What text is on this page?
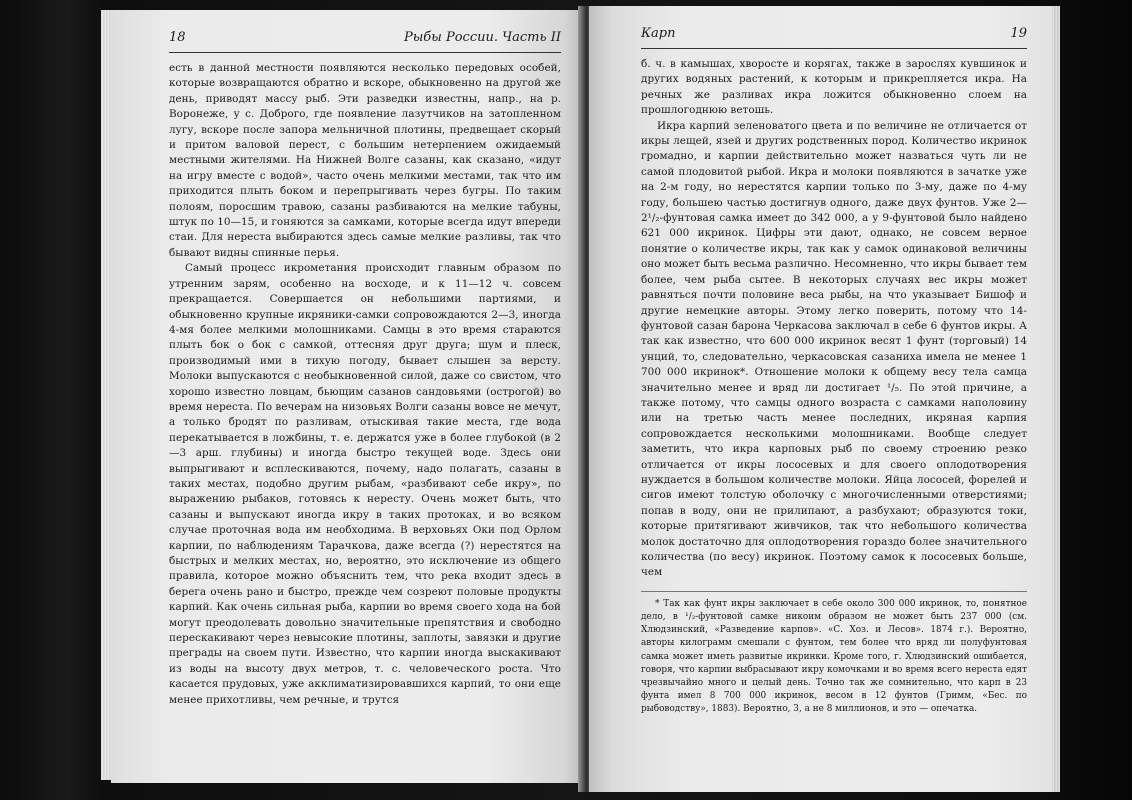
18	Рыбы России. Часть II

есть в данной местности появляются несколько передовых особей, которые возвращаются обратно и вскоре, обыкновенно на другой же день, приводят массу рыб. Эти разведки известны, напр., на р. Воронеже, у с. Доброго, где появление лазутчиков на затопленном лугу, вскоре после запора мельничной плотины, предвещает скорый и притом валовой перест, с большим нетерпением ожидаемый местными жителями. На Нижней Волге сазаны, как сказано, «идут на игру вместе с водой», часто очень мелкими местами, так что им приходится плыть боком и перепрыгивать через бугры. По таким полоям, поросшим травою, сазаны разбиваются на мелкие табуны, штук по 10—15, и гоняются за самками, которые всегда идут впереди стаи. Для нереста выбираются здесь самые мелкие разливы, так что бывают видны спинные перья.

Самый процесс икрометания происходит главным образом по утренним зарям, особенно на восходе, и к 11—12 ч. совсем прекращается. Совершается он небольшими партиями, и обыкновенно крупные икряники-самки сопровождаются 2—3, иногда 4-мя более мелкими молошниками. Самцы в это время стараются плыть бок о бок с самкой, оттесняя друг друга; шум и плеск, производимый ими в тихую погоду, бывает слышен за версту. Молоки выпускаются с необыкновенной силой, даже со свистом, что хорошо известно ловцам, бьющим сазанов сандовьями (острогой) во время нереста. По вечерам на низовьях Волги сазаны вовсе не мечут, а только бродят по разливам, отыскивая такие места, где вода перекатывается в ложбины, т. е. держатся уже в более глубокой (в 2—3 арш. глубины) и иногда быстро текущей воде. Здесь они выпрыгивают и всплескиваются, почему, надо полагать, сазаны в таких местах, подобно другим рыбам, «разбивают себе икру», по выражению рыбаков, готовясь к нересту. Очень может быть, что сазаны и выпускают иногда икру в таких протоках, и во всяком случае проточная вода им необходима. В верховьях Оки под Орлом карпии, по наблюдениям Тарачкова, даже всегда (?) нерестятся на быстрых и мелких местах, но, вероятно, это исключение из общего правила, которое можно объяснить тем, что река входит здесь в берега очень рано и быстро, прежде чем созреют половые продукты карпий. Как очень сильная рыба, карпии во время своего хода на бой могут преодолевать довольно значительные препятствия и свободно перескакивают через невысокие плотины, заплоты, завязки и другие преграды на своем пути. Известно, что карпии иногда выскакивают из воды на высоту двух метров, т. с. человеческого роста. Что касается прудовых, уже акклиматизировавшихся карпий, то они еще менее прихотливы, чем речные, и трутся

Карп	19

б. ч. в камышах, хворосте и корягах, также в зарослях кувшинок и других водяных растений, к которым и прикрепляется икра. На речных же разливах икра ложится обыкновенно слоем на прошлогоднюю ветошь.

Икра карпий зеленоватого цвета и по величине не отличается от икры лещей, язей и других родственных пород. Количество икринок громадно, и карпии действительно может назваться чуть ли не самой плодовитой рыбой. Икра и молоки появляются в зачатке уже на 2-м году, но нерестятся карпии только по 3-му, даже по 4-му году, большею частью достигнув одного, даже двух фунтов. Уже 2—2¹/₂-фунтовая самка имеет до 342 000, а у 9-фунтовой было найдено 621 000 икринок. Цифры эти дают, однако, не совсем верное понятие о количестве икры, так как у самок одинаковой величины оно может быть весьма различно. Несомненно, что икры бывает тем более, чем рыба сытее. В некоторых случаях вес икры может равняться почти половине веса рыбы, на что указывает Бишоф и другие немецкие авторы. Этому легко поверить, потому что 14-фунтовой сазан барона Черкасова заключал в себе 6 фунтов икры. А так как известно, что 600 000 икринок весят 1 фунт (торговый) 14 унций, то, следовательно, черкасовская сазаниха имела не менее 1 700 000 икринок*. Отношение молоки к общему весу тела самца значительно менее и вряд ли достигает ¹/₅. По этой причине, а также потому, что самцы одного возраста с самками наполовину или на третью часть менее последних, икряная карпия сопровождается несколькими молошниками. Вообще следует заметить, что икра карповых рыб по своему строению резко отличается от икры лососевых и для своего оплодотворения нуждается в большом количестве молоки. Яйца лососей, форелей и сигов имеют толстую оболочку с многочисленными отверстиями; попав в воду, они не прилипают, а разбухают; образуются токи, которые притягивают живчиков, так что небольшого количества молок достаточно для оплодотворения гораздо более значительного количества (по весу) икринок. Поэтому самок к лососевых больше, чем

* Так как фунт икры заключает в себе около 300 000 икринок, то, понятное дело, в ¹/₂-фунтовой самке никоим образом не может быть 237 000 (см. Хлюдзинский, «Разведение карпов». «С. Хоз. и Лесов». 1874 г.). Вероятно, авторы килограмм смешали с фунтом, тем более что вряд ли полуфунтовая самка может иметь развитые икринки. Кроме того, г. Хлюдзинский ошибается, говоря, что карпии выбрасывают икру комочками и во время всего нереста едят чрезвычайно много и целый день. Точно так же сомнительно, что карп в 23 фунта имел 8 700 000 икринок, весом в 12 фунтов (Гримм, «Бес. по рыбоводству», 1883). Вероятно, 3, а не 8 миллионов, и это — опечатка.
